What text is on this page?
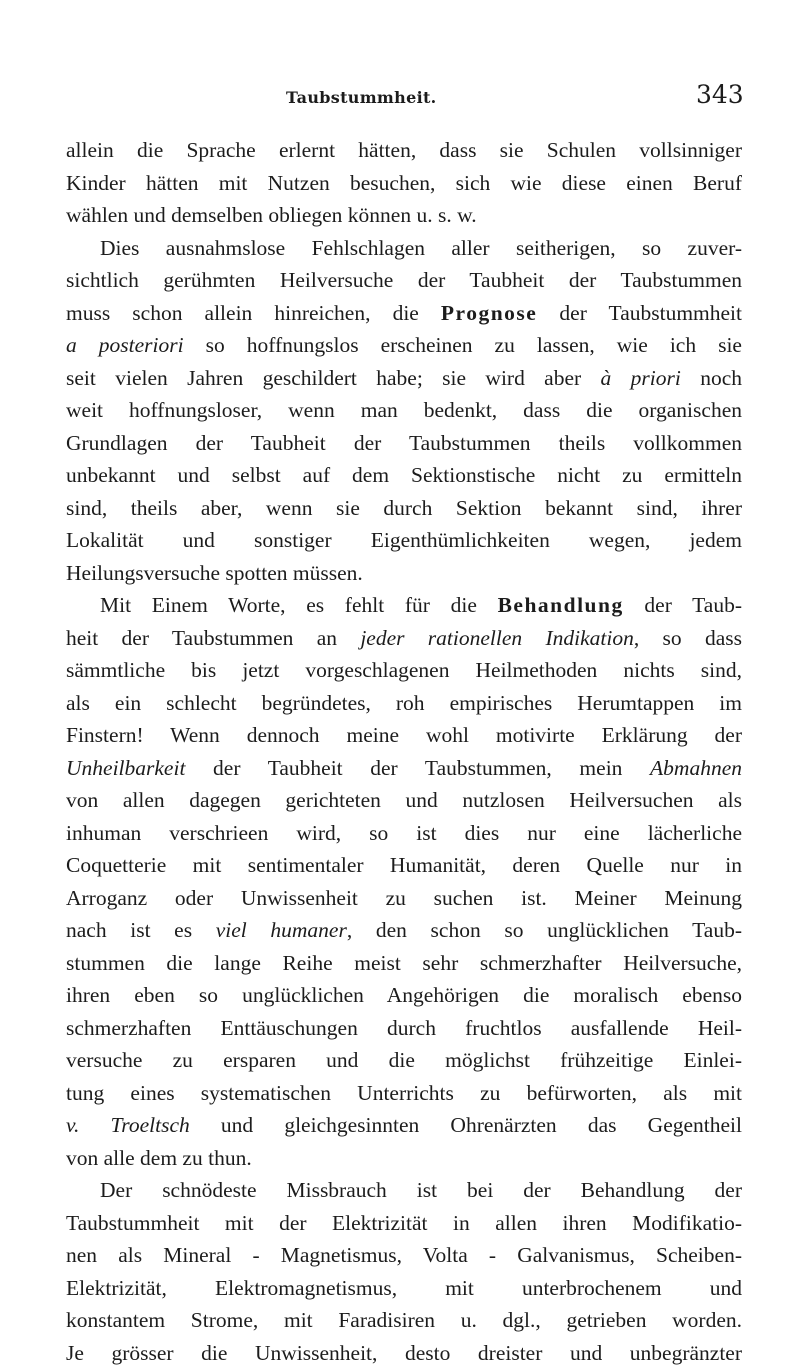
Taubstummheit.	343
allein die Sprache erlernt hätten, dass sie Schulen vollsinniger
Kinder hätten mit Nutzen besuchen, sich wie diese einen Beruf
wählen und demselben obliegen können u. s. w.
Dies ausnahmslose Fehlschlagen aller seitherigen, so zuver-
sichtlich gerühmten Heilversuche der Taubheit der Taubstummen
muss schon allein hinreichen, die Prognose der Taubstummheit
a posteriori so hoffnungslos erscheinen zu lassen, wie ich sie
seit vielen Jahren geschildert habe; sie wird aber à priori noch
weit hoffnungsloser, wenn man bedenkt, dass die organischen
Grundlagen der Taubheit der Taubstummen theils vollkommen
unbekannt und selbst auf dem Sektionstische nicht zu ermitteln
sind, theils aber, wenn sie durch Sektion bekannt sind, ihrer
Lokalität und sonstiger Eigenthümlichkeiten wegen, jedem
Heilungsversuche spotten müssen.
Mit Einem Worte, es fehlt für die Behandlung der Taub-
heit der Taubstummen an jeder rationellen Indikation, so dass
sämmtliche bis jetzt vorgeschlagenen Heilmethoden nichts sind,
als ein schlecht begründetes, roh empirisches Herumtappen im
Finstern! Wenn dennoch meine wohl motivirte Erklärung der
Unheilbarkeit der Taubheit der Taubstummen, mein Abmahnen
von allen dagegen gerichteten und nutzlosen Heilversuchen als
inhuman verschrieen wird, so ist dies nur eine lächerliche
Coquetterie mit sentimentaler Humanität, deren Quelle nur in
Arroganz oder Unwissenheit zu suchen ist. Meiner Meinung
nach ist es viel humaner, den schon so unglücklichen Taub-
stummen die lange Reihe meist sehr schmerzhafter Heilversuche,
ihren eben so unglücklichen Angehörigen die moralisch ebenso
schmerzhaften Enttäuschungen durch fruchtlos ausfallende Heil-
versuche zu ersparen und die möglichst frühzeitige Einlei-
tung eines systematischen Unterrichts zu befürworten, als mit
v. Troeltsch und gleichgesinnten Ohrenärzten das Gegentheil
von alle dem zu thun.
Der schnödeste Missbrauch ist bei der Behandlung der
Taubstummheit mit der Elektrizität in allen ihren Modifikatio-
nen als Mineral - Magnetismus, Volta - Galvanismus, Scheiben-
Elektrizität, Elektromagnetismus, mit unterbrochenem und
konstantem Strome, mit Faradisiren u. dgl., getrieben worden.
Je grösser die Unwissenheit, desto dreister und unbegränzter
